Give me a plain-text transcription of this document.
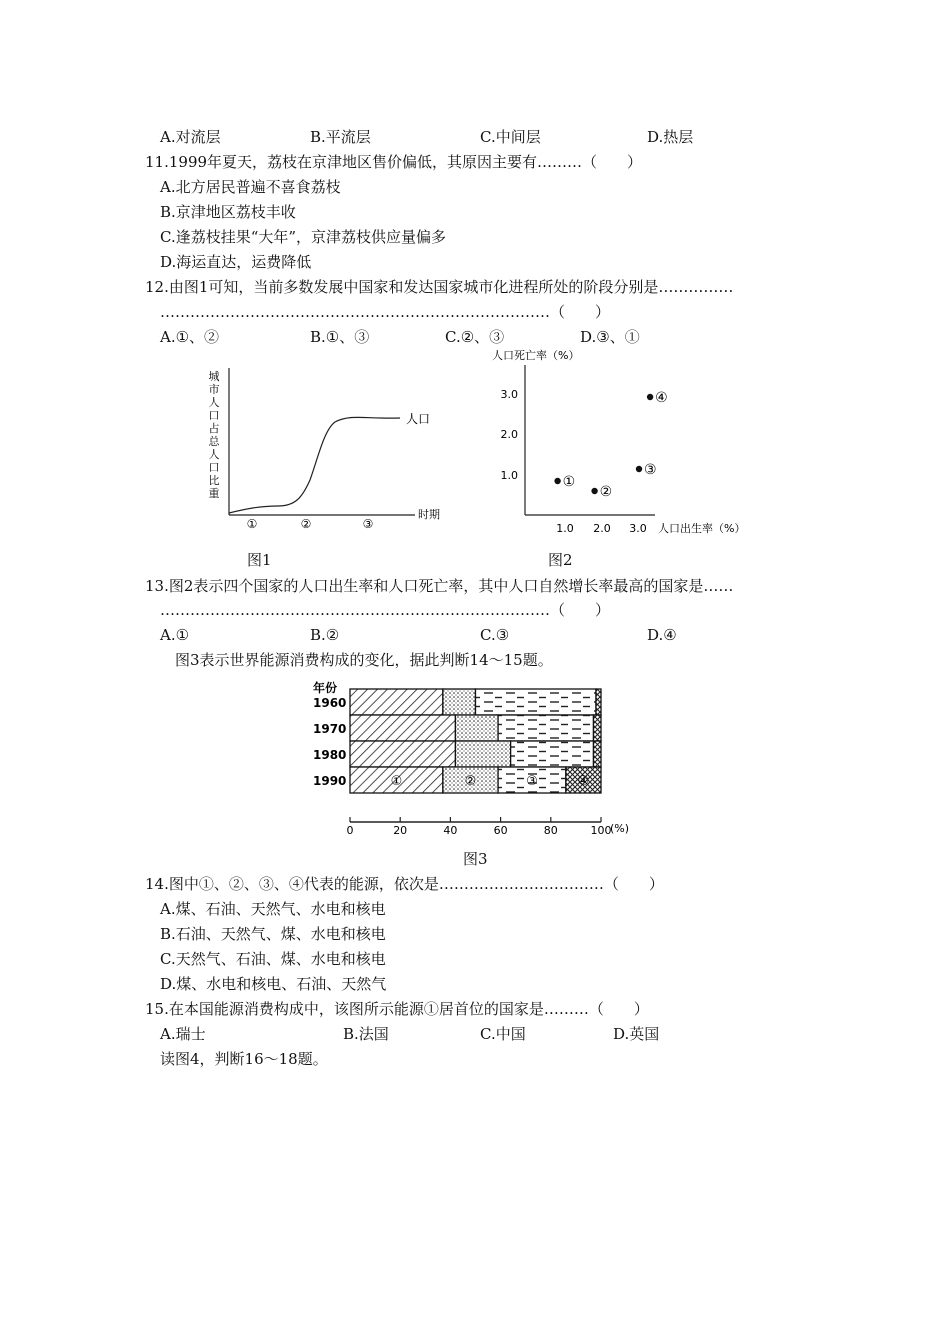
A.对流层	B.平流层	C.中间层	D.热层
11.1999年夏天，荔枝在京津地区售价偏低，其原因主要有………（　　）
A.北方居民普遍不喜食荔枝
B.京津地区荔枝丰收
C.逢荔枝挂果“大年”，京津荔枝供应量偏多
D.海运直达，运费降低
12.由图1可知，当前多数发展中国家和发达国家城市化进程所处的阶段分别是……………
……………………………………………………………………（　　）
A.①、②	B.①、③	C.②、③	D.③、①
城
市
人
口
占
总
人
口
比
重
人口
时期
①	②	③
图1
人口死亡率（%）
人口出生率（%）
1.0 2.0 3.0
1.0
2.0
3.0
①
②
③
④
图2
13.图2表示四个国家的人口出生率和人口死亡率，其中人口自然增长率最高的国家是……
……………………………………………………………………（　　）
A.①	B.②	C.③	D.④
图3表示世界能源消费构成的变化，据此判断14～15题。
年份
1960
1970
1980
1990	①	②	③	④
0	20	40	60	80	100
(%)
图3
14.图中①、②、③、④代表的能源，依次是……………………………（　　）
A.煤、石油、天然气、水电和核电
B.石油、天然气、煤、水电和核电
C.天然气、石油、煤、水电和核电
D.煤、水电和核电、石油、天然气
15.在本国能源消费构成中，该图所示能源①居首位的国家是………（　　）
A.瑞士	B.法国	C.中国	D.英国
读图4，判断16～18题。
